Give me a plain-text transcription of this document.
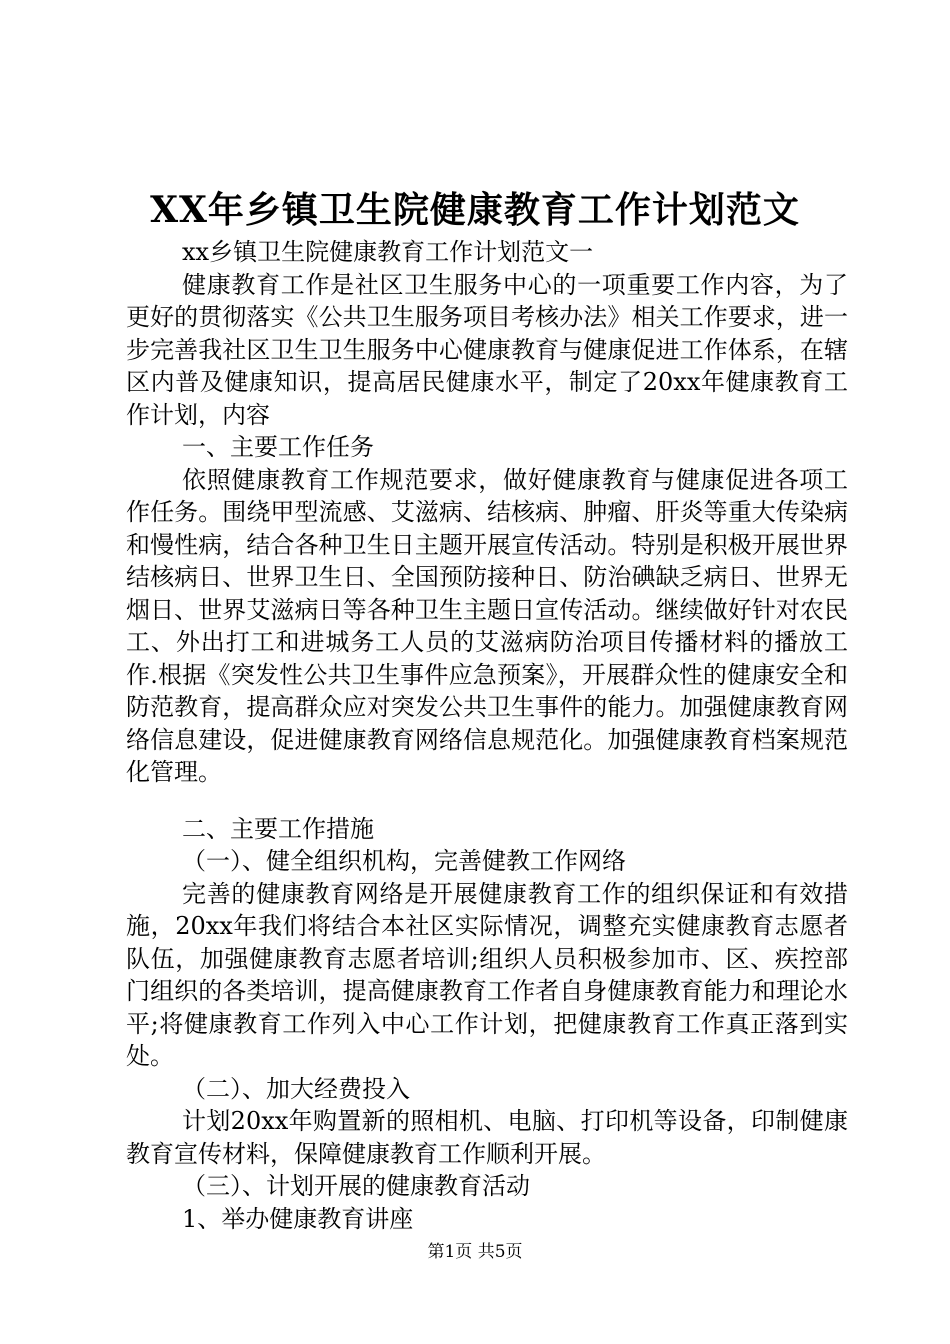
XX年乡镇卫生院健康教育工作计划范文

xx乡镇卫生院健康教育工作计划范文一

健康教育工作是社区卫生服务中心的一项重要工作内容，为了更好的贯彻落实《公共卫生服务项目考核办法》相关工作要求，进一步完善我社区卫生卫生服务中心健康教育与健康促进工作体系，在辖区内普及健康知识，提高居民健康水平，制定了20xx年健康教育工作计划，内容

一、主要工作任务

依照健康教育工作规范要求，做好健康教育与健康促进各项工作任务。围绕甲型流感、艾滋病、结核病、肿瘤、肝炎等重大传染病和慢性病，结合各种卫生日主题开展宣传活动。特别是积极开展世界结核病日、世界卫生日、全国预防接种日、防治碘缺乏病日、世界无烟日、世界艾滋病日等各种卫生主题日宣传活动。继续做好针对农民工、外出打工和进城务工人员的艾滋病防治项目传播材料的播放工作.根据《突发性公共卫生事件应急预案》，开展群众性的健康安全和防范教育，提高群众应对突发公共卫生事件的能力。加强健康教育网络信息建设，促进健康教育网络信息规范化。加强健康教育档案规范化管理。

二、主要工作措施

（一）、健全组织机构，完善健教工作网络

完善的健康教育网络是开展健康教育工作的组织保证和有效措施，20xx年我们将结合本社区实际情况，调整充实健康教育志愿者队伍，加强健康教育志愿者培训;组织人员积极参加市、区、疾控部门组织的各类培训，提高健康教育工作者自身健康教育能力和理论水平;将健康教育工作列入中心工作计划，把健康教育工作真正落到实处。

（二）、加大经费投入

计划20xx年购置新的照相机、电脑、打印机等设备，印制健康教育宣传材料，保障健康教育工作顺利开展。

（三）、计划开展的健康教育活动

1、举办健康教育讲座

第1页 共5页
